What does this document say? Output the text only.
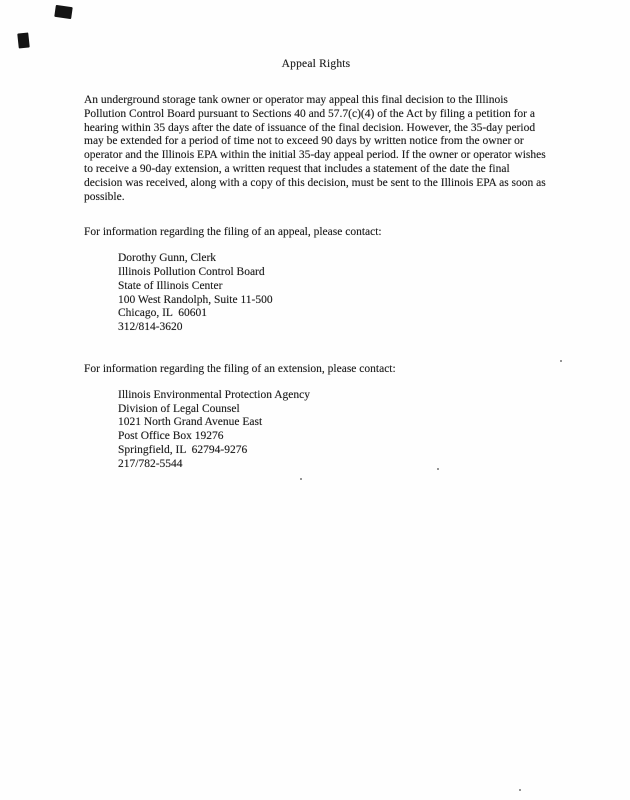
Appeal Rights

An underground storage tank owner or operator may appeal this final decision to the Illinois Pollution Control Board pursuant to Sections 40 and 57.7(c)(4) of the Act by filing a petition for a hearing within 35 days after the date of issuance of the final decision. However, the 35-day period may be extended for a period of time not to exceed 90 days by written notice from the owner or operator and the Illinois EPA within the initial 35-day appeal period. If the owner or operator wishes to receive a 90-day extension, a written request that includes a statement of the date the final decision was received, along with a copy of this decision, must be sent to the Illinois EPA as soon as possible.

For information regarding the filing of an appeal, please contact:

Dorothy Gunn, Clerk
Illinois Pollution Control Board
State of Illinois Center
100 West Randolph, Suite 11-500
Chicago, IL  60601
312/814-3620

For information regarding the filing of an extension, please contact:

Illinois Environmental Protection Agency
Division of Legal Counsel
1021 North Grand Avenue East
Post Office Box 19276
Springfield, IL  62794-9276
217/782-5544
